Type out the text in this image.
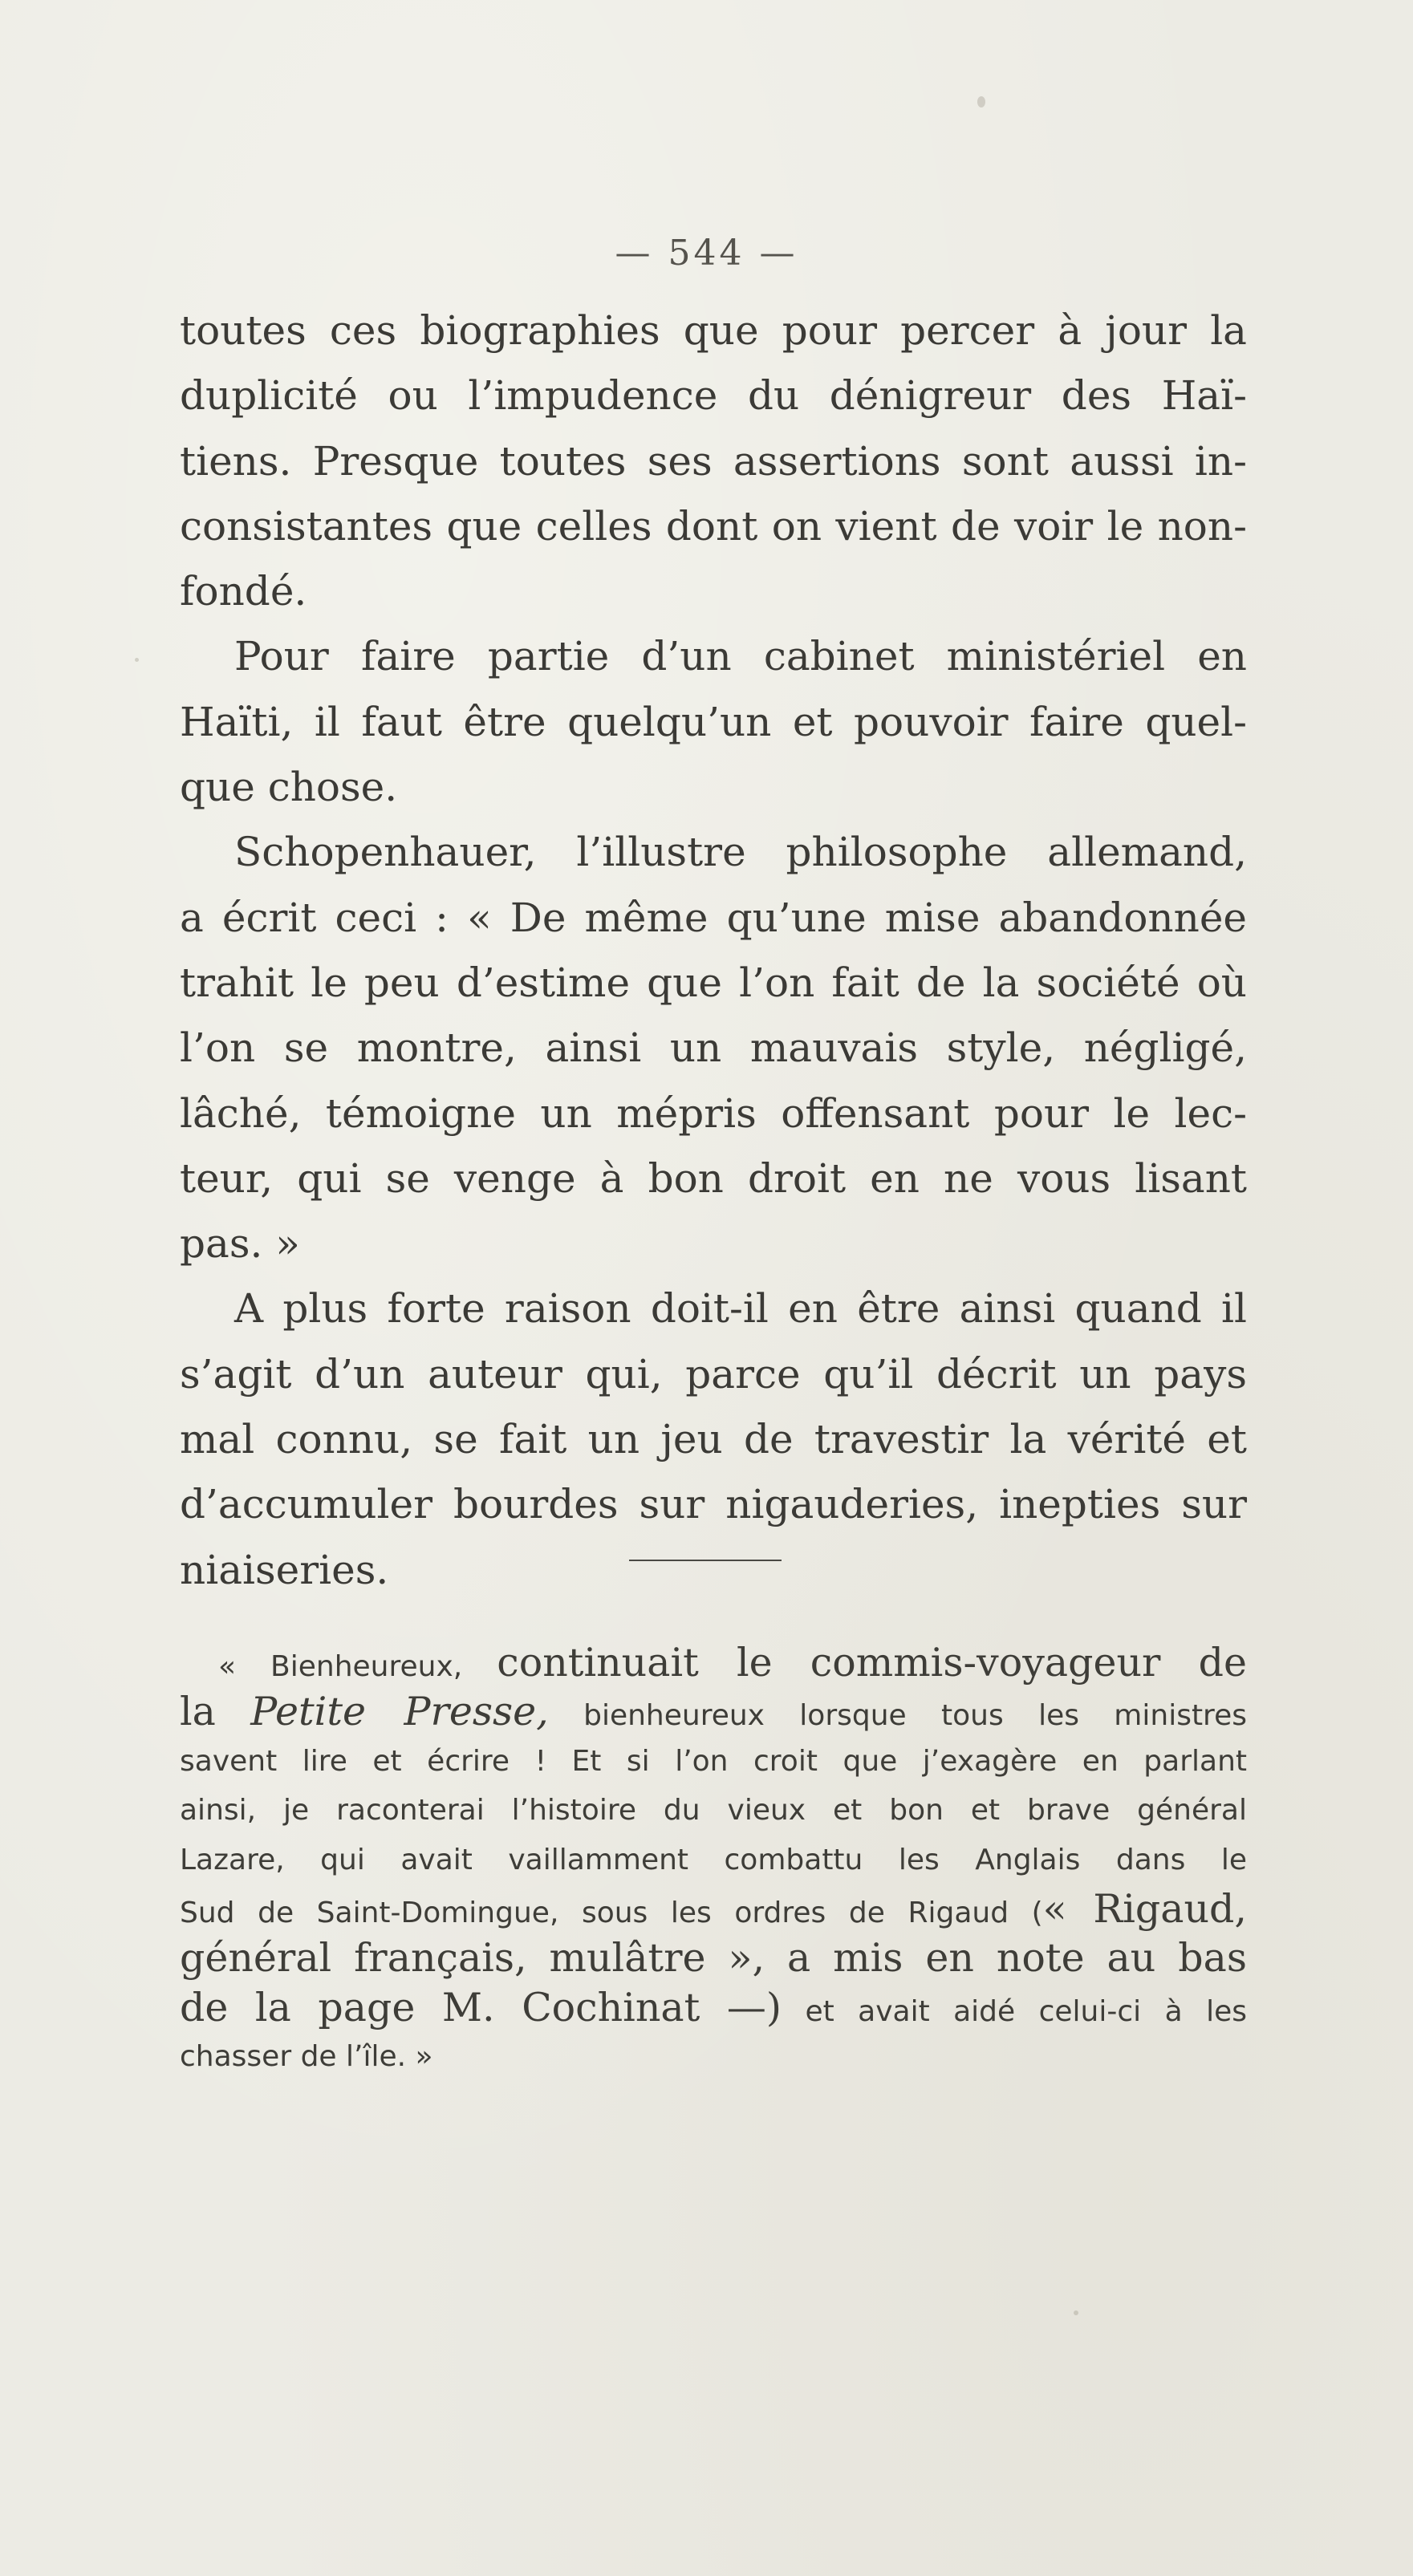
— 544 —
toutes ces biographies que pour percer à jour la
duplicité ou l’impudence du dénigreur des Haï-
tiens. Presque toutes ses assertions sont aussi in-
consistantes que celles dont on vient de voir le non-
fondé.
Pour faire partie d’un cabinet ministériel en
Haïti, il faut être quelqu’un et pouvoir faire quel-
que chose.
Schopenhauer, l’illustre philosophe allemand,
a écrit ceci : « De même qu’une mise abandonnée
trahit le peu d’estime que l’on fait de la société où
l’on se montre, ainsi un mauvais style, négligé,
lâché, témoigne un mépris offensant pour le lec-
teur, qui se venge à bon droit en ne vous lisant
pas. »
A plus forte raison doit-il en être ainsi quand il
s’agit d’un auteur qui, parce qu’il décrit un pays
mal connu, se fait un jeu de travestir la vérité et
d’accumuler bourdes sur nigauderies, inepties sur
niaiseries.
« Bienheureux, continuait le commis-voyageur de
la Petite Presse, bienheureux lorsque tous les ministres
savent lire et écrire ! Et si l’on croit que j’exagère en parlant
ainsi, je raconterai l’histoire du vieux et bon et brave général
Lazare, qui avait vaillamment combattu les Anglais dans le
Sud de Saint-Domingue, sous les ordres de Rigaud (« Rigaud,
général français, mulâtre », a mis en note au bas
de la page M. Cochinat —) et avait aidé celui-ci à les
chasser de l’île. »
